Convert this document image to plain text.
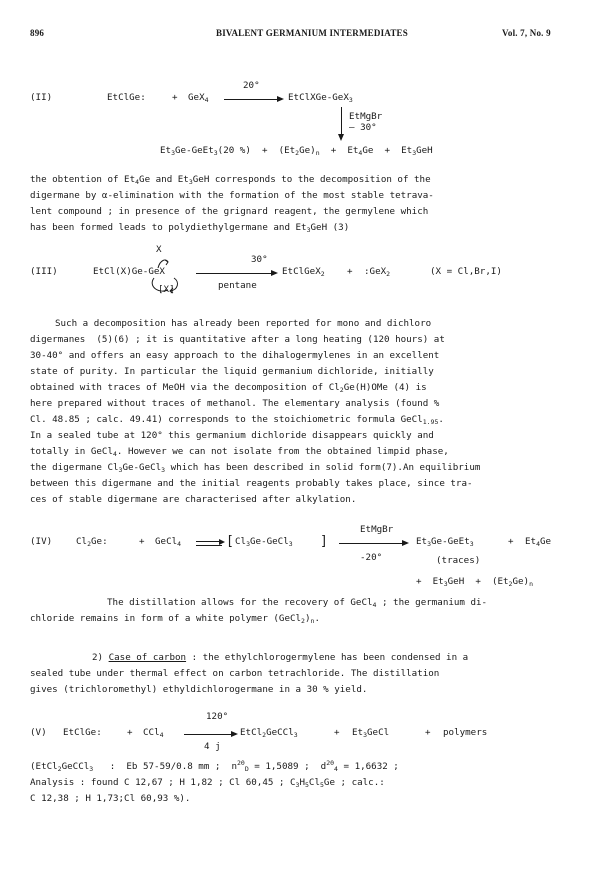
896	BIVALENT GERMANIUM INTERMEDIATES	Vol. 7, No. 9
(II)	EtClGe:	+ GeX$_4$
20°
→ EtClXGe-GeX$_3$
EtMgBr
– 30°
$Et_3Ge-GeEt_3(20$ %) + $(Et_2Ge)_n + Et_4Ge + Et_3GeH$
the obtention of $Et_4Ge$ and $Et_3GeH$ corresponds to the decomposition of the
digermane by α-elimination with the formation of the most stable tetrava-
lent compound ; in presence of the grignard reagent, the germylene which
has been formed leads to polydiethylgermane and $Et_3GeH$ (3)
X
(III)	EtCl(X)Ge-GeX
[X]
30°
pentane
EtClGeX$_2$ + :GeX$_2$	(X = Cl,Br,I)
Such a decomposition has already been reported for mono and dichloro
digermanes  (5)(6) ; it is quantitative after a long heating (120 hours) at
30-40° and offers an easy approach to the dihalogermylenes in an excellent
state of purity. In particular the liquid germanium dichloride, initially
obtained with traces of MeOH via the decomposition of $Cl_2Ge(H)OMe$ (4) is
here prepared without traces of methanol. The elementary analysis (found %
Cl. 48.85 ; calc. 49.41) corresponds to the stoichiometric formula GeCl$_{1.95}$.
In a sealed tube at 120° this germanium dichloride disappears quickly and
totally in GeCl$_4$. However we can not isolate from the obtained limpid phase,
the digermane $Cl_3Ge-GeCl_3$ which has been described in solid form(7).An equilibrium
between this digermane and the initial reagents probably takes place, since tra-
ces of stable digermane are characterised after alkylation.
(IV)	$Cl_2Ge$:	+ GeCl$_4$ → [ $Cl_3Ge-GeCl_3$ ]
EtMgBr
-20°
$Et_3Ge-GeEt_3$	+ $Et_4Ge$
(traces)
+ $Et_3GeH + (Et_2Ge)_n$
The distillation allows for the recovery of GeCl$_4$ ; the germanium di-
chloride remains in form of a white polymer $(GeCl_2)_n$.
2) Case of carbon : the ethylchlorogermylene has been condensed in a
sealed tube under thermal effect on carbon tetrachloride. The distillation
gives (trichloromethyl) ethyldichlorogermane in a 30 % yield.
120°
(V) EtClGe:	+ CCl$_4$ →
4 j
EtCl$_2$GeCCl$_3$	+ $Et_3GeCl$	+ polymers
(EtCl$_2$GeCCl$_3$   :  Eb 57-59/0.8 mm ;  $n^{20}_D = 1,5089$ ;  $d^{20}_4 = 1,6632$ ;
Analysis : found C 12,67 ; H 1,82 ; Cl 60,45 ; $C_3H_5Cl_5Ge$ ; calc.:
C 12,38 ; H 1,73;Cl 60,93 %).
